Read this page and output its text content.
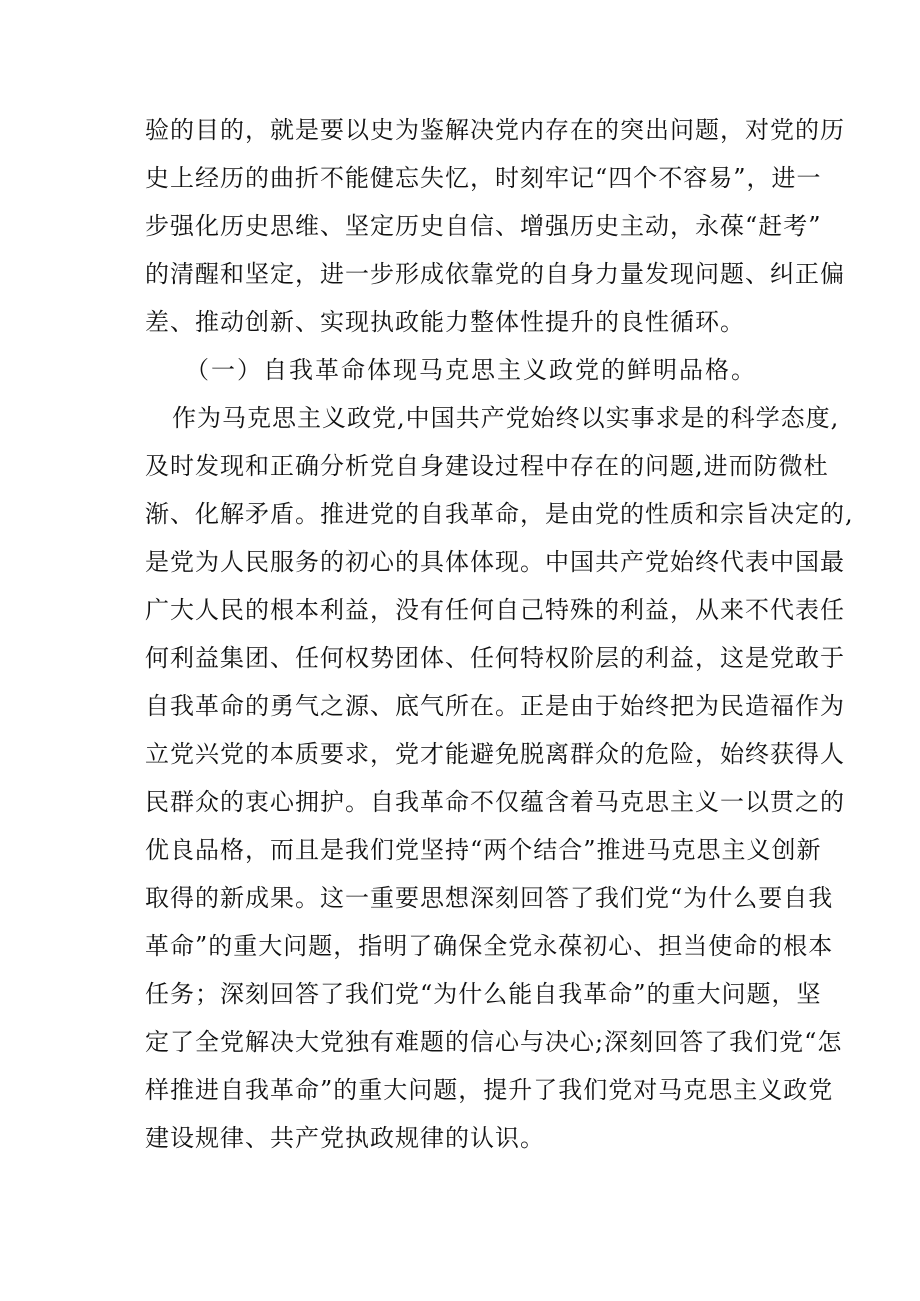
验的目的，就是要以史为鉴解决党内存在的突出问题，对党的历
史上经历的曲折不能健忘失忆，时刻牢记“四个不容易”，进一
步强化历史思维、坚定历史自信、增强历史主动，永葆“赶考”
的清醒和坚定，进一步形成依靠党的自身力量发现问题、纠正偏
差、推动创新、实现执政能力整体性提升的良性循环。
（一）自我革命体现马克思主义政党的鲜明品格。
作为马克思主义政党,中国共产党始终以实事求是的科学态度,
及时发现和正确分析党自身建设过程中存在的问题,进而防微杜
渐、化解矛盾。推进党的自我革命，是由党的性质和宗旨决定的,
是党为人民服务的初心的具体体现。中国共产党始终代表中国最
广大人民的根本利益，没有任何自己特殊的利益，从来不代表任
何利益集团、任何权势团体、任何特权阶层的利益，这是党敢于
自我革命的勇气之源、底气所在。正是由于始终把为民造福作为
立党兴党的本质要求，党才能避免脱离群众的危险，始终获得人
民群众的衷心拥护。自我革命不仅蕴含着马克思主义一以贯之的
优良品格，而且是我们党坚持“两个结合”推进马克思主义创新
取得的新成果。这一重要思想深刻回答了我们党“为什么要自我
革命”的重大问题，指明了确保全党永葆初心、担当使命的根本
任务；深刻回答了我们党“为什么能自我革命”的重大问题，坚
定了全党解决大党独有难题的信心与决心;深刻回答了我们党“怎
样推进自我革命”的重大问题，提升了我们党对马克思主义政党
建设规律、共产党执政规律的认识。
